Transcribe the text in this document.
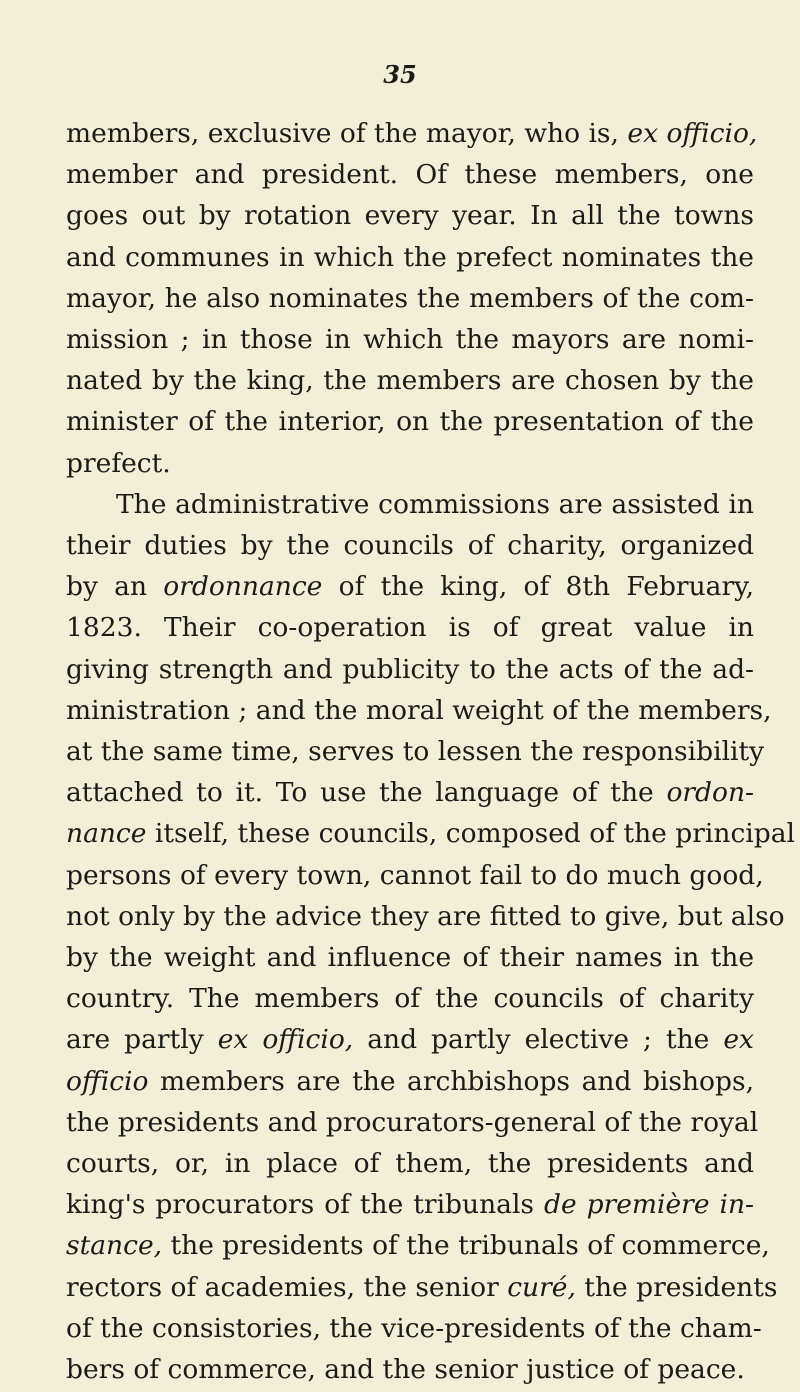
35
members, exclusive of the mayor, who is, ex officio,
member and president. Of these members, one
goes out by rotation every year. In all the towns
and communes in which the prefect nominates the
mayor, he also nominates the members of the com-
mission ; in those in which the mayors are nomi-
nated by the king, the members are chosen by the
minister of the interior, on the presentation of the
prefect.
The administrative commissions are assisted in
their duties by the councils of charity, organized
by an ordonnance of the king, of 8th February,
1823. Their co-operation is of great value in
giving strength and publicity to the acts of the ad-
ministration ; and the moral weight of the members,
at the same time, serves to lessen the responsibility
attached to it. To use the language of the ordon-
nance itself, these councils, composed of the principal
persons of every town, cannot fail to do much good,
not only by the advice they are fitted to give, but also
by the weight and influence of their names in the
country. The members of the councils of charity
are partly ex officio, and partly elective ; the ex
officio members are the archbishops and bishops,
the presidents and procurators-general of the royal
courts, or, in place of them, the presidents and
king's procurators of the tribunals de première in-
stance, the presidents of the tribunals of commerce,
rectors of academies, the senior curé, the presidents
of the consistories, the vice-presidents of the cham-
bers of commerce, and the senior justice of peace.
